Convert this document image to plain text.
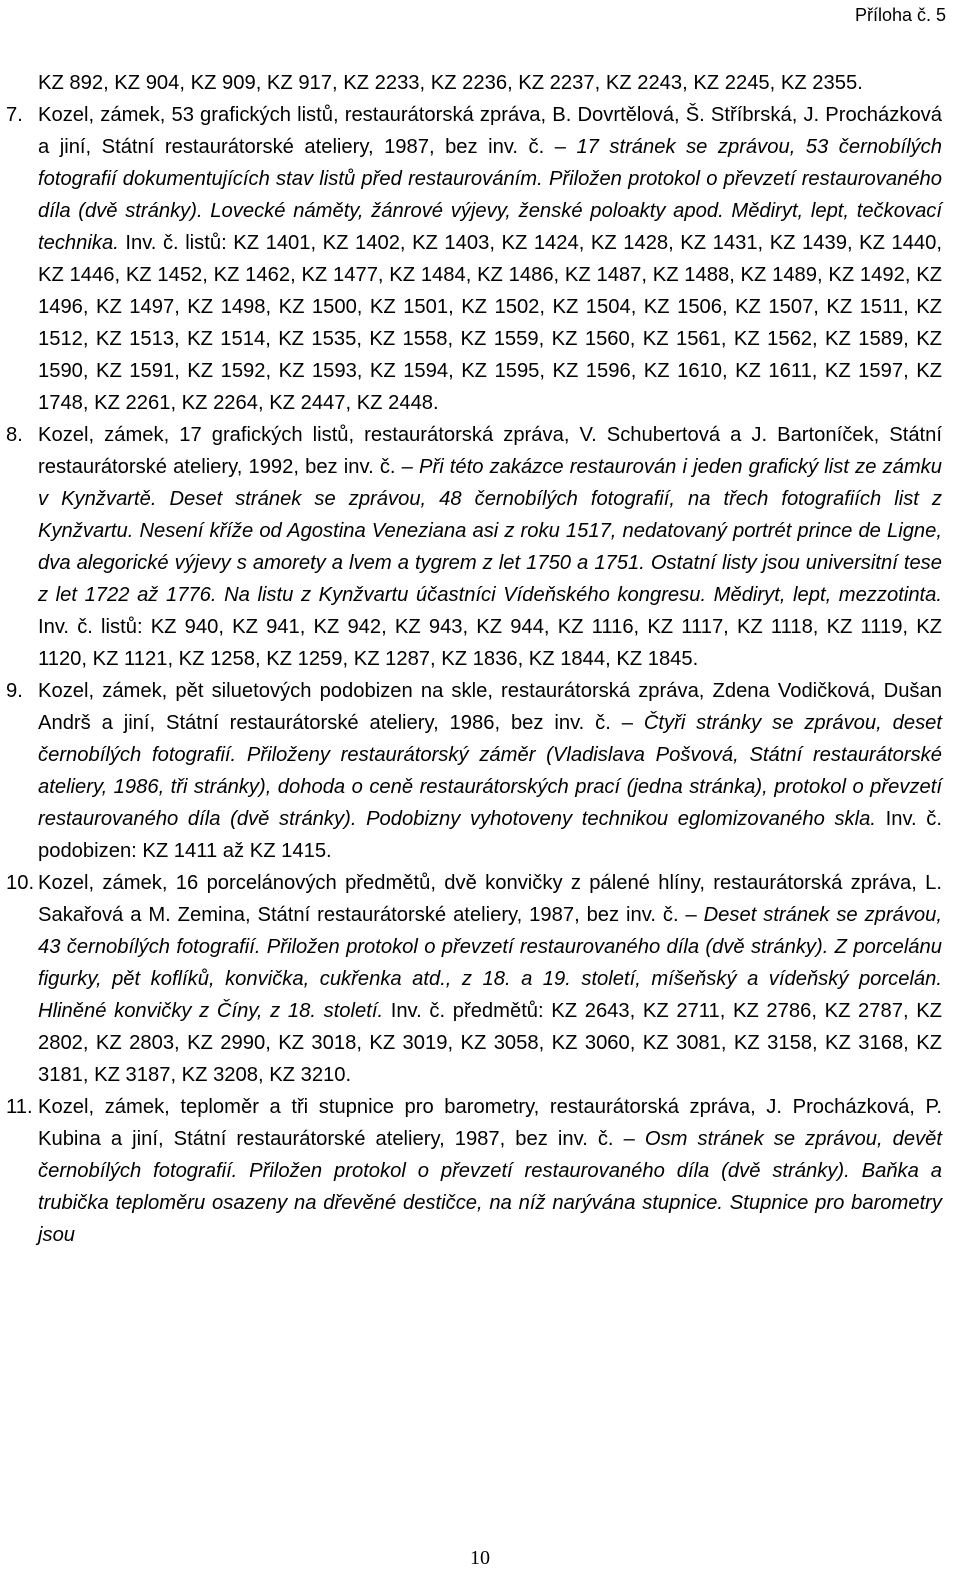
Příloha č. 5
KZ 892, KZ 904, KZ 909, KZ 917, KZ 2233, KZ 2236, KZ 2237, KZ 2243, KZ 2245, KZ 2355.
7. Kozel, zámek, 53 grafických listů, restaurátorská zpráva, B. Dovrtělová, Š. Stříbrská, J. Procházková a jiní, Státní restaurátorské ateliery, 1987, bez inv. č. – 17 stránek se zprávou, 53 černobílých fotografií dokumentujících stav listů před restaurováním. Přiložen protokol o převzetí restaurovaného díla (dvě stránky). Lovecké náměty, žánrové výjevy, ženské poloakty apod. Mědiryt, lept, tečkovací technika. Inv. č. listů: KZ 1401, KZ 1402, KZ 1403, KZ 1424, KZ 1428, KZ 1431, KZ 1439, KZ 1440, KZ 1446, KZ 1452, KZ 1462, KZ 1477, KZ 1484, KZ 1486, KZ 1487, KZ 1488, KZ 1489, KZ 1492, KZ 1496, KZ 1497, KZ 1498, KZ 1500, KZ 1501, KZ 1502, KZ 1504, KZ 1506, KZ 1507, KZ 1511, KZ 1512, KZ 1513, KZ 1514, KZ 1535, KZ 1558, KZ 1559, KZ 1560, KZ 1561, KZ 1562, KZ 1589, KZ 1590, KZ 1591, KZ 1592, KZ 1593, KZ 1594, KZ 1595, KZ 1596, KZ 1610, KZ 1611, KZ 1597, KZ 1748, KZ 2261, KZ 2264, KZ 2447, KZ 2448.
8. Kozel, zámek, 17 grafických listů, restaurátorská zpráva, V. Schubertová a J. Bartoníček, Státní restaurátorské ateliery, 1992, bez inv. č. – Při této zakázce restaurován i jeden grafický list ze zámku v Kynžvartě. Deset stránek se zprávou, 48 černobílých fotografií, na třech fotografiích list z Kynžvartu. Nesení kříže od Agostina Veneziana asi z roku 1517, nedatovaný portrét prince de Ligne, dva alegorické výjevy s amorety a lvem a tygrem z let 1750 a 1751. Ostatní listy jsou universitní tese z let 1722 až 1776. Na listu z Kynžvartu účastníci Vídeňského kongresu. Mědiryt, lept, mezzotinta. Inv. č. listů: KZ 940, KZ 941, KZ 942, KZ 943, KZ 944, KZ 1116, KZ 1117, KZ 1118, KZ 1119, KZ 1120, KZ 1121, KZ 1258, KZ 1259, KZ 1287, KZ 1836, KZ 1844, KZ 1845.
9. Kozel, zámek, pět siluetových podobizen na skle, restaurátorská zpráva, Zdena Vodičková, Dušan Andrš a jiní, Státní restaurátorské ateliery, 1986, bez inv. č. – Čtyři stránky se zprávou, deset černobílých fotografií. Přiloženy restaurátorský záměr (Vladislava Pošvová, Státní restaurátorské ateliery, 1986, tři stránky), dohoda o ceně restaurátorských prací (jedna stránka), protokol o převzetí restaurovaného díla (dvě stránky). Podobizny vyhotoveny technikou eglomizovaného skla. Inv. č. podobizen: KZ 1411 až KZ 1415.
10. Kozel, zámek, 16 porcelánových předmětů, dvě konvičky z pálené hlíny, restaurátorská zpráva, L. Sakařová a M. Zemina, Státní restaurátorské ateliery, 1987, bez inv. č. – Deset stránek se zprávou, 43 černobílých fotografií. Přiložen protokol o převzetí restaurovaného díla (dvě stránky). Z porcelánu figurky, pět koflíků, konvička, cukřenka atd., z 18. a 19. století, míšeňský a vídeňský porcelán. Hliněné konvičky z Číny, z 18. století. Inv. č. předmětů: KZ 2643, KZ 2711, KZ 2786, KZ 2787, KZ 2802, KZ 2803, KZ 2990, KZ 3018, KZ 3019, KZ 3058, KZ 3060, KZ 3081, KZ 3158, KZ 3168, KZ 3181, KZ 3187, KZ 3208, KZ 3210.
11. Kozel, zámek, teploměr a tři stupnice pro barometry, restaurátorská zpráva, J. Procházková, P. Kubina a jiní, Státní restaurátorské ateliery, 1987, bez inv. č. – Osm stránek se zprávou, devět černobílých fotografií. Přiložen protokol o převzetí restaurovaného díla (dvě stránky). Baňka a trubička teploměru osazeny na dřevěné destičce, na níž narývána stupnice. Stupnice pro barometry jsou
10
